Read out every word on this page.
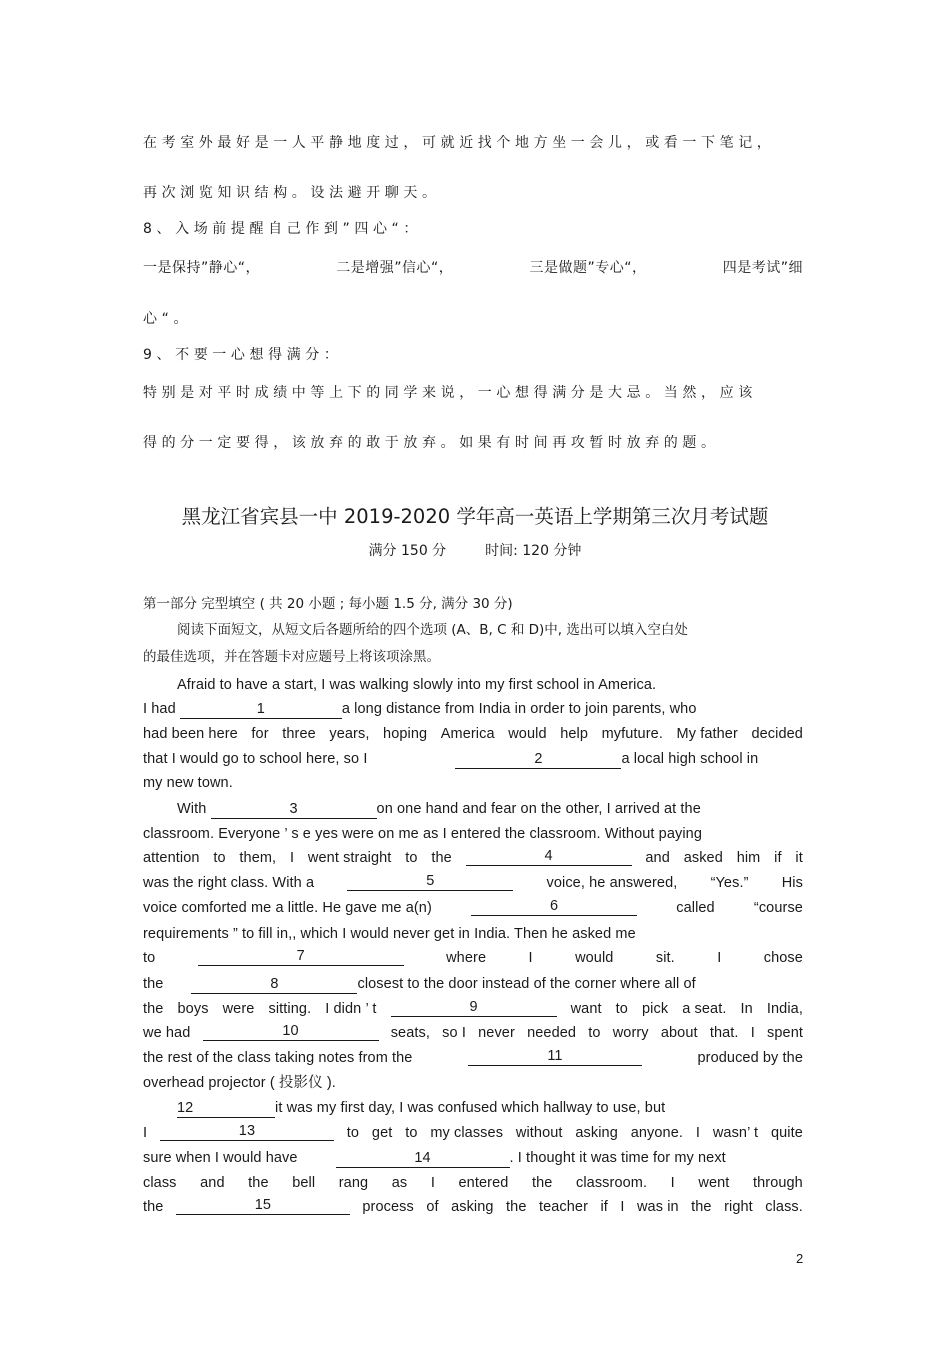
在考室外最好是一人平静地度过，可就近找个地方坐一会儿，或看一下笔记，
再次浏览知识结构。设法避开聊天。
8、入场前提醒自己作到”四心“：
一是保持”静心“，	二是增强”信心“，	三是做题”专心“，	四是考试”细
心“。
9、不要一心想得满分：
特别是对平时成绩中等上下的同学来说，一心想得满分是大忌。当然，应该
得的分一定要得，该放弃的敢于放弃。如果有时间再攻暂时放弃的题。
黑龙江省宾县一中 2019-2020 学年高一英语上学期第三次月考试题
满分 150 分	时间: 120 分钟
第一部分 完型填空 ( 共 20 小题 ; 每小题 1.5 分, 满分 30 分)
阅读下面短文，从短文后各题所给的四个选项 (A、B, C 和 D)中, 选出可以填入空白处
的最佳选项，并在答题卡对应题号上将该项涂黑。
Afraid to have a start, I was walking slowly into my first school in America.
I had	1	a long distance from India in order to join parents, who
had been here for three years, hoping America would help myfuture. My father decided
that I would go to school here, so I	2	a local high school in
my new town.
With	3	on one hand and fear on the other, I arrived at the
classroom. Everyone ’ s e yes were on me as I entered the classroom. Without paying
attention to them, I went straight to the	4	and asked him if it
was the right class. With a	5	voice, he answered, “Yes.” His
voice comforted me a little. He gave me a(n)	6	called	“course
requirements ” to fill in,, which I would never get in India. Then he asked me
to	7	where	I	would	sit.	I	chose
the	8	closest to the door instead of the corner where all of
the boys were sitting. I didn ’ t	9	want to pick a seat. In India,
we had	10	seats, so I never needed to worry about that. I spent
the rest of the class taking notes from the	11	produced by the
overhead projector ( 投影仪 ).
12	it was my first day, I was confused which hallway to use, but
I	13	to get to my classes without asking anyone. I wasn’ t quite
sure when I would have	14	. I thought it was time for my next
class and the bell rang as I entered the classroom. I went through
the	15	process of asking the teacher if I was in the right class.
2
